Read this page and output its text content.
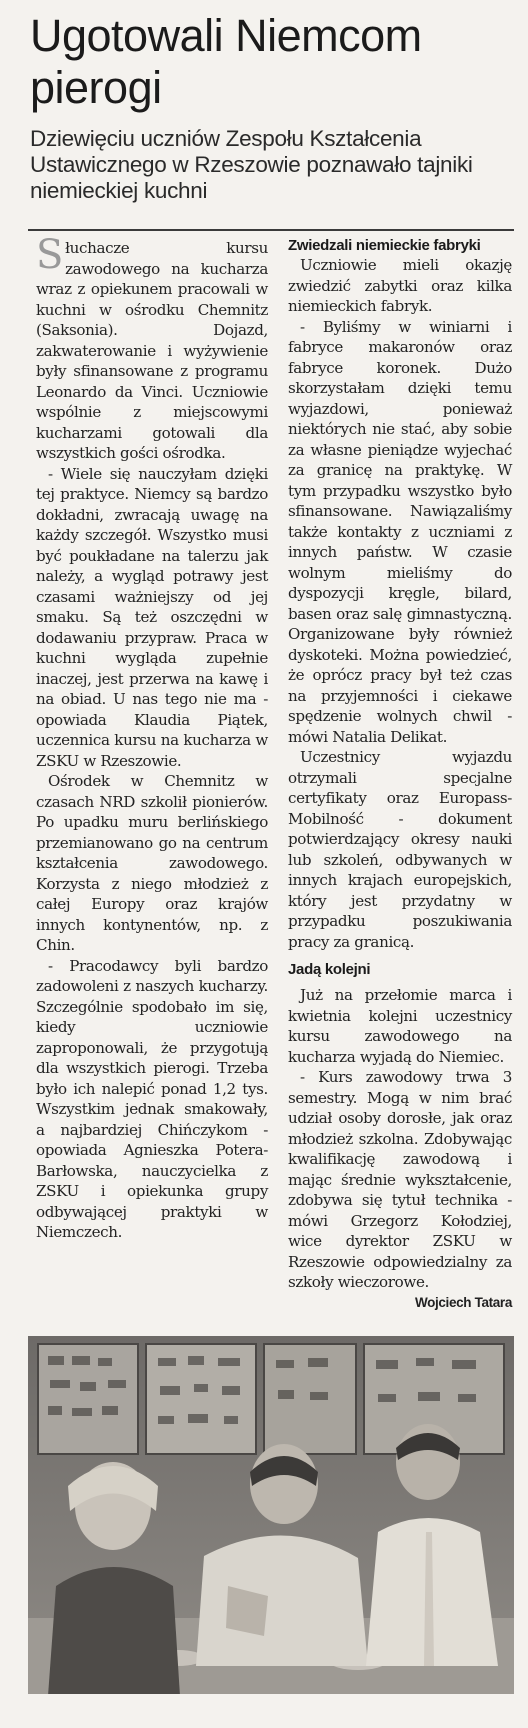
Ugotowali Niemcom
pierogi

Dziewięciu uczniów Zespołu Kształcenia Ustawicznego w Rzeszowie poznawało tajniki niemieckiej kuchni

Słuchacze kursu zawodowego na kucharza wraz z opiekunem pracowali w kuchni w ośrodku Chemnitz (Saksonia). Dojazd, zakwaterowanie i wyżywienie były sfinansowane z programu Leonardo da Vinci. Uczniowie wspólnie z miejscowymi kucharzami gotowali dla wszystkich gości ośrodka.

- Wiele się nauczyłam dzięki tej praktyce. Niemcy są bardzo dokładni, zwracają uwagę na każdy szczegół. Wszystko musi być poukładane na talerzu jak należy, a wygląd potrawy jest czasami ważniejszy od jej smaku. Są też oszczędni w dodawaniu przypraw. Praca w kuchni wygląda zupełnie inaczej, jest przerwa na kawę i na obiad. U nas tego nie ma - opowiada Klaudia Piątek, uczennica kursu na kucharza w ZSKU w Rzeszowie.

Ośrodek w Chemnitz w czasach NRD szkolił pionierów. Po upadku muru berlińskiego przemianowano go na centrum kształcenia zawodowego. Korzysta z niego młodzież z całej Europy oraz krajów innych kontynentów, np. z Chin.

- Pracodawcy byli bardzo zadowoleni z naszych kucharzy. Szczególnie spodobało im się, kiedy uczniowie zaproponowali, że przygotują dla wszystkich pierogi. Trzeba było ich nalepić ponad 1,2 tys. Wszystkim jednak smakowały, a najbardziej Chińczykom - opowiada Agnieszka Potera-Barłowska, nauczycielka z ZSKU i opiekunka grupy odbywającej praktyki w Niemczech.

Zwiedzali niemieckie fabryki

Uczniowie mieli okazję zwiedzić zabytki oraz kilka niemieckich fabryk.

- Byliśmy w winiarni i fabryce makaronów oraz fabryce koronek. Dużo skorzystałam dzięki temu wyjazdowi, ponieważ niektórych nie stać, aby sobie za własne pieniądze wyjechać za granicę na praktykę. W tym przypadku wszystko było sfinansowane. Nawiązaliśmy także kontakty z uczniami z innych państw. W czasie wolnym mieliśmy do dyspozycji kręgle, bilard, basen oraz salę gimnastyczną. Organizowane były również dyskoteki. Można powiedzieć, że oprócz pracy był też czas na przyjemności i ciekawe spędzenie wolnych chwil - mówi Natalia Delikat.

Uczestnicy wyjazdu otrzymali specjalne certyfikaty oraz Europass-Mobilność - dokument potwierdzający okresy nauki lub szkoleń, odbywanych w innych krajach europejskich, który jest przydatny w przypadku poszukiwania pracy za granicą.

Jadą kolejni

Już na przełomie marca i kwietnia kolejni uczestnicy kursu zawodowego na kucharza wyjadą do Niemiec.

- Kurs zawodowy trwa 3 semestry. Mogą w nim brać udział osoby dorosłe, jak oraz młodzież szkolna. Zdobywając kwalifikację zawodową i mając średnie wykształcenie, zdobywa się tytuł technika - mówi Grzegorz Kołodziej, wice dyrektor ZSKU w Rzeszowie odpowiedzialny za szkoły wieczorowe.
Wojciech Tatara
